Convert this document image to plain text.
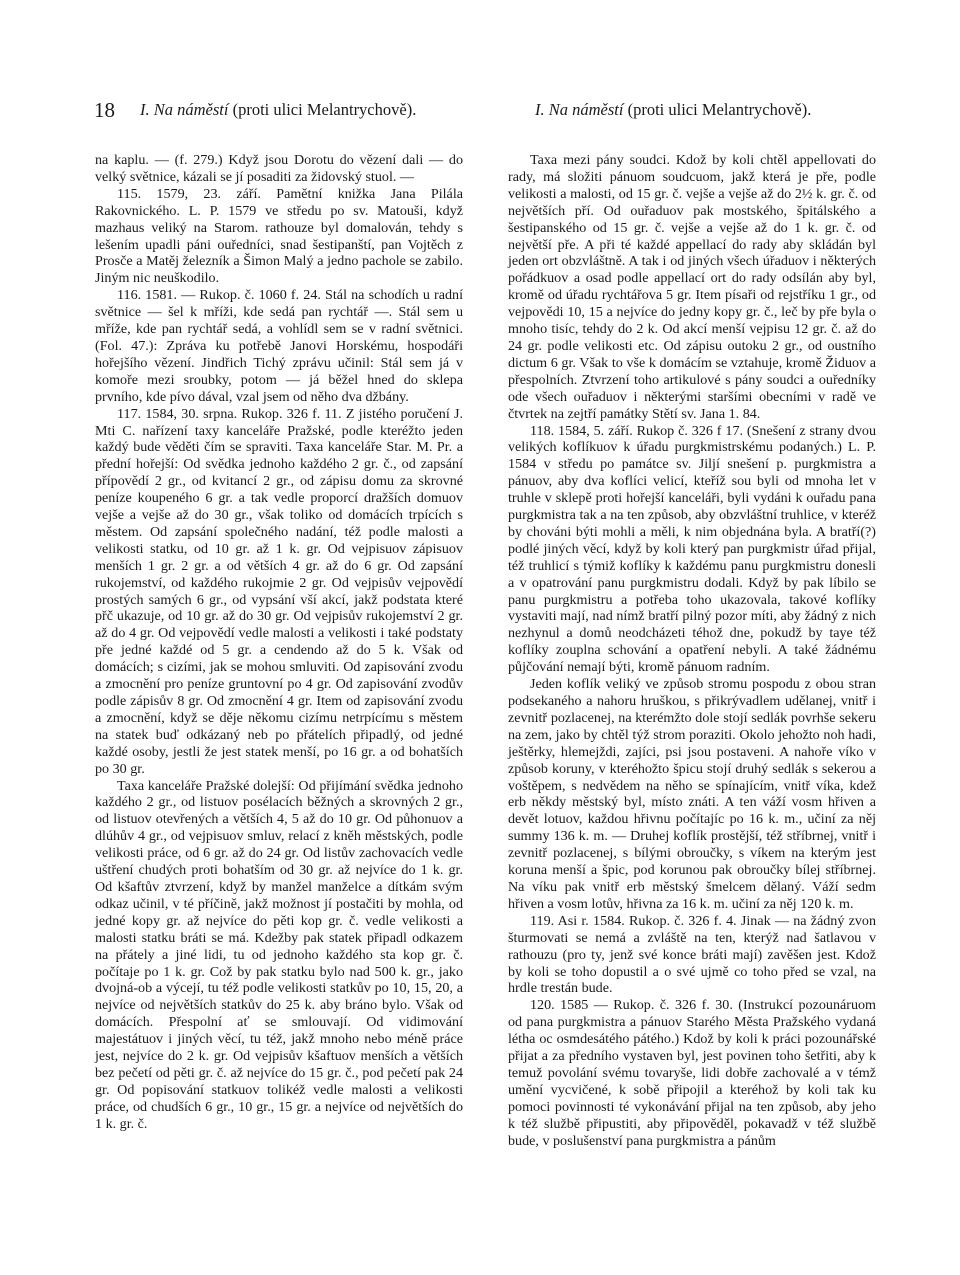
18 I. Na náměstí (proti ulici Melantrychově).	I. Na náměstí (proti ulici Melantrychově).

na kaplu. — (f. 279.) Když jsou Dorotu do vězení dali — do velký světnice, kázali se jí posaditi za židovský stuol. —

115. 1579, 23. září. Pamětní knižka Jana Pilála Rakovnického. L. P. 1579 ve středu po sv. Matouši, když mazhaus veliký na Starom. rathouze byl domalován, tehdy s lešením upadli páni ouředníci, snad šestipanští, pan Vojtěch z Prosče a Matěj železník a Šimon Malý a jedno pachole se zabilo. Jiným nic neuškodilo.

116. 1581. — Rukop. č. 1060 f. 24. Stál na schodích u radní světnice — šel k mříži, kde sedá pan rychtář —. Stál sem u mříže, kde pan rychtář sedá, a vohlídl sem se v radní světnici. (Fol. 47.): Zpráva ku potřebě Janovi Horskému, hospodáři hořejšího vězení. Jindřich Tichý zprávu učinil: Stál sem já v komoře mezi sroubky, potom — já běžel hned do sklepa prvního, kde pívo dával, vzal jsem od něho dva džbány.

117. 1584, 30. srpna. Rukop. 326 f. 11. Z jistého poručení J. Mti C. nařízení taxy kanceláře Pražské, podle kteréžto jeden každý bude věděti čím se spraviti. Taxa kanceláře Star. M. Pr. a přední hořejší: Od svědka jednoho každého 2 gr. č., od zapsání přípovědí 2 gr., od kvitancí 2 gr., od zápisu domu za skrovné peníze koupeného 6 gr. a tak vedle proporcí dražších domuov vejše a vejše až do 30 gr., však toliko od domácích trpících s městem. Od zapsání společného nadání, též podle malosti a velikosti statku, od 10 gr. až 1 k. gr. Od vejpisuov zápisuov menších 1 gr. 2 gr. a od větších 4 gr. až do 6 gr. Od zapsání rukojemství, od každého rukojmie 2 gr. Od vejpisův vejpovědí prostých samých 6 gr., od vypsání vší akcí, jakž podstata které přč ukazuje, od 10 gr. až do 30 gr. Od vejpisův rukojemství 2 gr. až do 4 gr. Od vejpovědí vedle malosti a velikosti i také podstaty pře jedné každé od 5 gr. a cendendo až do 5 k. Však od domácích; s cizími, jak se mohou smluviti. Od zapisování zvodu a zmocnění pro peníze gruntovní po 4 gr. Od zapisování zvodův podle zápisův 8 gr. Od zmocnění 4 gr. Item od zapisování zvodu a zmocnění, když se děje někomu cizímu netrpícímu s městem na statek buď odkázaný neb po přátelích připadlý, od jedné každé osoby, jestli že jest statek menší, po 16 gr. a od bohatších po 30 gr.

Taxa kanceláře Pražské dolejší: Od přijímání svědka jednoho každého 2 gr., od listuov posélacích běžných a skrovných 2 gr., od listuov otevřených a větších 4, 5 až do 10 gr. Od půhonuov a dlúhův 4 gr., od vejpisuov smluv, relací z kněh městských, podle velikosti práce, od 6 gr. až do 24 gr. Od listův zachovacích vedle uštření chudých proti bohatším od 30 gr. až nejvíce do 1 k. gr. Od kšaftův ztvrzení, když by manžel manželce a dítkám svým odkaz učinil, v té příčině, jakž možnost jí postačiti by mohla, od jedné kopy gr. až nejvíce do pěti kop gr. č. vedle velikosti a malosti statku bráti se má. Kdežby pak statek připadl odkazem na přátely a jiné lidi, tu od jednoho každého sta kop gr. č. počítaje po 1 k. gr. Což by pak statku bylo nad 500 k. gr., jako dvojná-ob a výcejí, tu též podle velikosti statkův po 10, 15, 20, a nejvíce od největších statkův do 25 k. aby bráno bylo. Však od domácích. Přespolní ať se smlouvají. Od vidimování majestátuov i jiných věcí, tu též, jakž mnoho nebo méně práce jest, nejvíce do 2 k. gr. Od vejpisův kšaftuov menších a větších bez pečetí od pěti gr. č. až nejvíce do 15 gr. č., pod pečetí pak 24 gr. Od popisování statkuov tolikéž vedle malosti a velikosti práce, od chudších 6 gr., 10 gr., 15 gr. a nejvíce od největších do 1 k. gr. č.

Taxa mezi pány soudci. Kdož by koli chtěl appellovati do rady, má složiti pánuom soudcuom, jakž která je pře, podle velikosti a malosti, od 15 gr. č. vejše a vejše až do 2½ k. gr. č. od největších pří. Od ouřaduov pak mostského, špitálského a šestipanského od 15 gr. č. vejše a vejše až do 1 k. gr. č. od největší pře. A při té každé appellací do rady aby skládán byl jeden ort obzvláštně. A tak i od jiných všech úřaduov i některých pořádkuov a osad podle appellací ort do rady odsílán aby byl, kromě od úřadu rychtářova 5 gr. Item písaři od rejstříku 1 gr., od vejpovědi 10, 15 a nejvíce do jedny kopy gr. č., leč by pře byla o mnoho tisíc, tehdy do 2 k. Od akcí menší vejpisu 12 gr. č. až do 24 gr. podle velikosti etc. Od zápisu outoku 2 gr., od oustního dictum 6 gr. Však to vše k domácím se vztahuje, kromě Židuov a přespolních. Ztvrzení toho artikulové s pány soudci a ouředníky ode všech ouřaduov i některými staršími obecními v radě ve čtvrtek na zejtří památky Stětí sv. Jana 1. 84.

118. 1584, 5. září. Rukop č. 326 f 17. (Snešení z strany dvou velikých koflíkuov k úřadu purgkmistrskému podaných.) L. P. 1584 v středu po památce sv. Jiljí snešení p. purgkmistra a pánuov, aby dva koflíci velicí, kteříž sou byli od mnoha let v truhle v sklepě proti hořejší kanceláři, byli vydáni k ouřadu pana purgkmistra tak a na ten způsob, aby obzvláštní truhlice, v kteréž by chováni býti mohli a měli, k nim objednána byla. A bratří(?) podlé jiných věcí, když by koli který pan purgkmistr úřad přijal, též truhlicí s týmiž koflíky k každému panu purgkmistru donesli a v opatrování panu purgkmistru dodali. Když by pak líbilo se panu purgkmistru a potřeba toho ukazovala, takové koflíky vystaviti mají, nad nímž bratří pilný pozor míti, aby žádný z nich nezhynul a domů neodcházeti téhož dne, pokudž by taye též koflíky zouplna schování a opatření nebyli. A také žádnému půjčování nemají býti, kromě pánuom radním.

Jeden koflík veliký ve způsob stromu pospodu z obou stran podsekaného a nahoru hruškou, s přikrývadlem udělanej, vnitř i zevnitř pozlacenej, na kterémžto dole stojí sedlák povrhše sekeru na zem, jako by chtěl týž strom poraziti. Okolo jehožto noh hadi, ještěrky, hlemejždi, zajíci, psi jsou postaveni. A nahoře víko v způsob koruny, v kteréhožto špicu stojí druhý sedlák s sekerou a voštěpem, s nedvědem na něho se spínajícím, vnitř víka, kdež erb někdy městský byl, místo znáti. A ten váží vosm hřiven a devět lotuov, každou hřivnu počítajíc po 16 k. m., učiní za něj summy 136 k. m. — Druhej koflík prostější, též stříbrnej, vnitř i zevnitř pozlacenej, s bílými obroučky, s víkem na kterým jest koruna menší a špic, pod korunou pak obroučky bílej stříbrnej. Na víku pak vnitř erb městský šmelcem dělaný. Váží sedm hřiven a vosm lotův, hřivna za 16 k. m. učiní za něj 120 k. m.

119. Asi r. 1584. Rukop. č. 326 f. 4. Jinak — na žádný zvon šturmovati se nemá a zvláště na ten, kterýž nad šatlavou v rathouzu (pro ty, jenž své konce bráti mají) zavěšen jest. Kdož by koli se toho dopustil a o své ujmě co toho před se vzal, na hrdle trestán bude.

120. 1585 — Rukop. č. 326 f. 30. (Instrukcí pozounáruom od pana purgkmistra a pánuov Starého Města Pražského vydaná létha oc osmdesátého pátého.) Kdož by koli k práci pozounářské přijat a za předního vystaven byl, jest povinen toho šetřiti, aby k temuž povolání svému tovaryše, lidi dobře zachovalé a v témž umění vycvičené, k sobě připojil a kteréhož by koli tak ku pomoci povinnosti té vykonávání přijal na ten způsob, aby jeho k též službě připustiti, aby připověděl, pokavadž v též službě bude, v poslušenství pana purgkmistra a pánům
